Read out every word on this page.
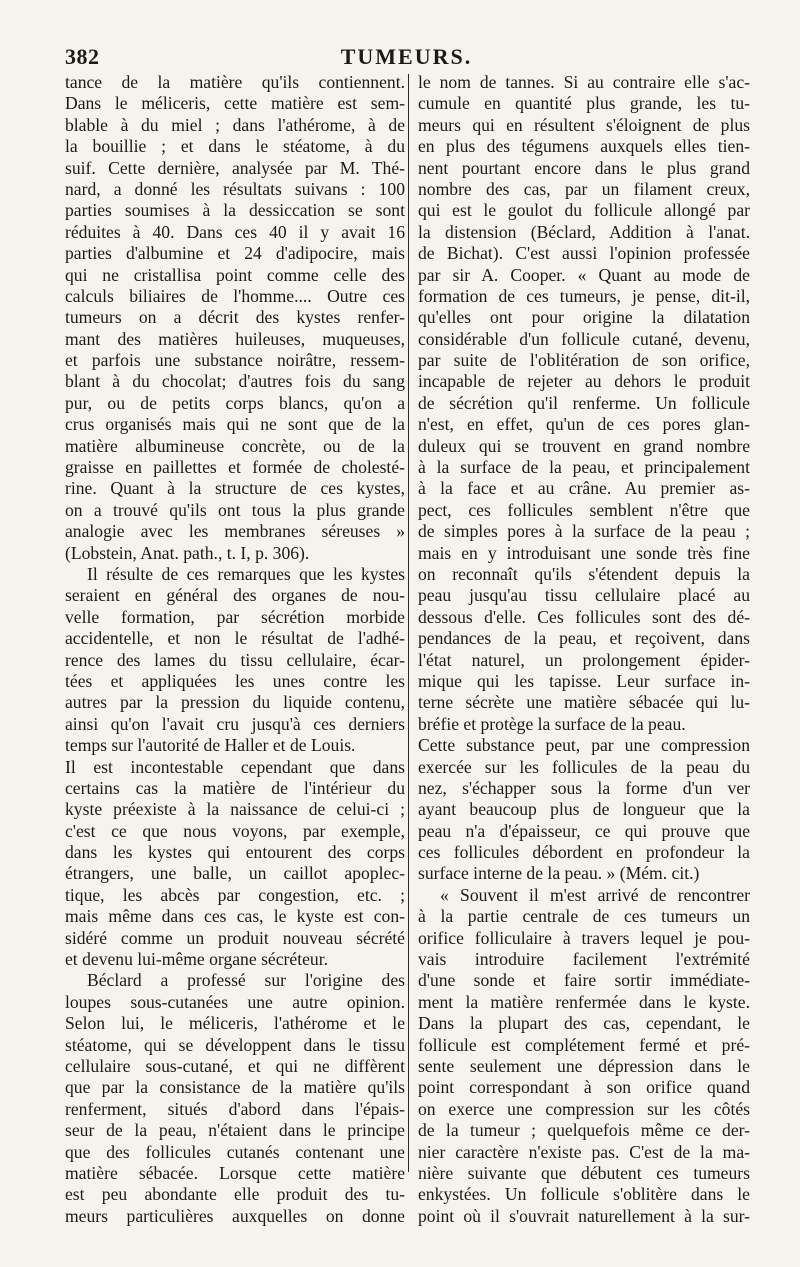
382	TUMEURS.
tance de la matière qu'ils contiennent.
Dans le méliceris, cette matière est sem-
blable à du miel ; dans l'athérome, à de
la bouillie ; et dans le stéatome, à du
suif. Cette dernière, analysée par M. Thé-
nard, a donné les résultats suivans : 100
parties soumises à la dessiccation se sont
réduites à 40. Dans ces 40 il y avait 16
parties d'albumine et 24 d'adipocire, mais
qui ne cristallisa point comme celle des
calculs biliaires de l'homme.... Outre ces
tumeurs on a décrit des kystes renfer-
mant des matières huileuses, muqueuses,
et parfois une substance noirâtre, ressem-
blant à du chocolat; d'autres fois du sang
pur, ou de petits corps blancs, qu'on a
crus organisés mais qui ne sont que de la
matière albumineuse concrète, ou de la
graisse en paillettes et formée de cholesté-
rine. Quant à la structure de ces kystes,
on a trouvé qu'ils ont tous la plus grande
analogie avec les membranes séreuses »
(Lobstein, Anat. path., t. I, p. 306).
Il résulte de ces remarques que les kystes
seraient en général des organes de nou-
velle formation, par sécrétion morbide
accidentelle, et non le résultat de l'adhé-
rence des lames du tissu cellulaire, écar-
tées et appliquées les unes contre les
autres par la pression du liquide contenu,
ainsi qu'on l'avait cru jusqu'à ces derniers
temps sur l'autorité de Haller et de Louis.
Il est incontestable cependant que dans
certains cas la matière de l'intérieur du
kyste préexiste à la naissance de celui-ci ;
c'est ce que nous voyons, par exemple,
dans les kystes qui entourent des corps
étrangers, une balle, un caillot apoplec-
tique, les abcès par congestion, etc. ;
mais même dans ces cas, le kyste est con-
sidéré comme un produit nouveau sécrété
et devenu lui-même organe sécréteur.
Béclard a professé sur l'origine des
loupes sous-cutanées une autre opinion.
Selon lui, le méliceris, l'athérome et le
stéatome, qui se développent dans le tissu
cellulaire sous-cutané, et qui ne diffèrent
que par la consistance de la matière qu'ils
renferment, situés d'abord dans l'épais-
seur de la peau, n'étaient dans le principe
que des follicules cutanés contenant une
matière sébacée. Lorsque cette matière
est peu abondante elle produit des tu-
meurs particulières auxquelles on donne
le nom de tannes. Si au contraire elle s'ac-
cumule en quantité plus grande, les tu-
meurs qui en résultent s'éloignent de plus
en plus des tégumens auxquels elles tien-
nent pourtant encore dans le plus grand
nombre des cas, par un filament creux,
qui est le goulot du follicule allongé par
la distension (Béclard, Addition à l'anat.
de Bichat). C'est aussi l'opinion professée
par sir A. Cooper. « Quant au mode de
formation de ces tumeurs, je pense, dit-il,
qu'elles ont pour origine la dilatation
considérable d'un follicule cutané, devenu,
par suite de l'oblitération de son orifice,
incapable de rejeter au dehors le produit
de sécrétion qu'il renferme. Un follicule
n'est, en effet, qu'un de ces pores glan-
duleux qui se trouvent en grand nombre
à la surface de la peau, et principalement
à la face et au crâne. Au premier as-
pect, ces follicules semblent n'être que
de simples pores à la surface de la peau ;
mais en y introduisant une sonde très fine
on reconnaît qu'ils s'étendent depuis la
peau jusqu'au tissu cellulaire placé au
dessous d'elle. Ces follicules sont des dé-
pendances de la peau, et reçoivent, dans
l'état naturel, un prolongement épider-
mique qui les tapisse. Leur surface in-
terne sécrète une matière sébacée qui lu-
bréfie et protège la surface de la peau.
Cette substance peut, par une compression
exercée sur les follicules de la peau du
nez, s'échapper sous la forme d'un ver
ayant beaucoup plus de longueur que la
peau n'a d'épaisseur, ce qui prouve que
ces follicules débordent en profondeur la
surface interne de la peau. » (Mém. cit.)
« Souvent il m'est arrivé de rencontrer
à la partie centrale de ces tumeurs un
orifice folliculaire à travers lequel je pou-
vais introduire facilement l'extrémité
d'une sonde et faire sortir immédiate-
ment la matière renfermée dans le kyste.
Dans la plupart des cas, cependant, le
follicule est complétement fermé et pré-
sente seulement une dépression dans le
point correspondant à son orifice quand
on exerce une compression sur les côtés
de la tumeur ; quelquefois même ce der-
nier caractère n'existe pas. C'est de la ma-
nière suivante que débutent ces tumeurs
enkystées. Un follicule s'oblitère dans le
point où il s'ouvrait naturellement à la sur-
